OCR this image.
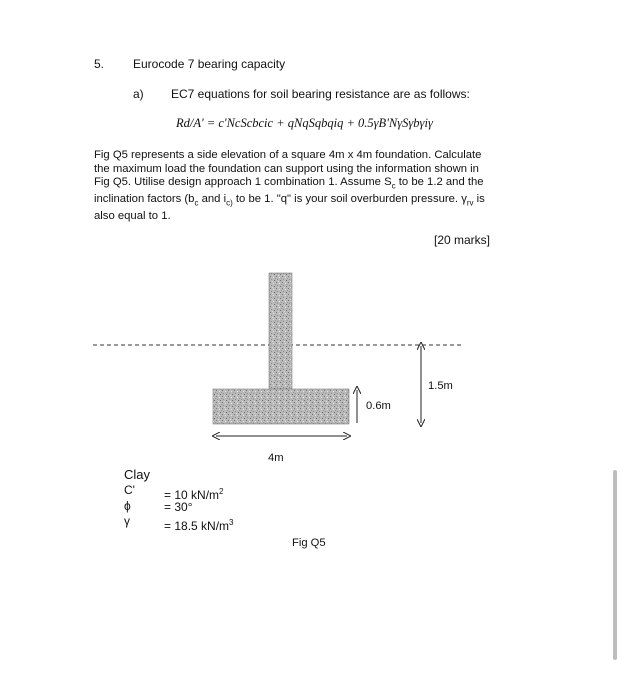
5. Eurocode 7 bearing capacity
a) EC7 equations for soil bearing resistance are as follows:
Rd/A' = c'NcScbcic + qNqSqbqiq + 0.5γB'NγSγbγiγ
Fig Q5 represents a side elevation of a square 4m x 4m foundation. Calculate
the maximum load the foundation can support using the information shown in
Fig Q5. Utilise design approach 1 combination 1. Assume $S_c$ to be 1.2 and the
inclination factors ($b_c$ and $i_{c)}$ to be 1. "q" is your soil overburden pressure. $\gamma_{rv}$ is
also equal to 1.
[20 marks]
0.6m
1.5m
4m
Clay
C'	= 10 $kN/m^2$
ϕ	= 30°
γ	= 18.5 $kN/m^3$
Fig Q5
